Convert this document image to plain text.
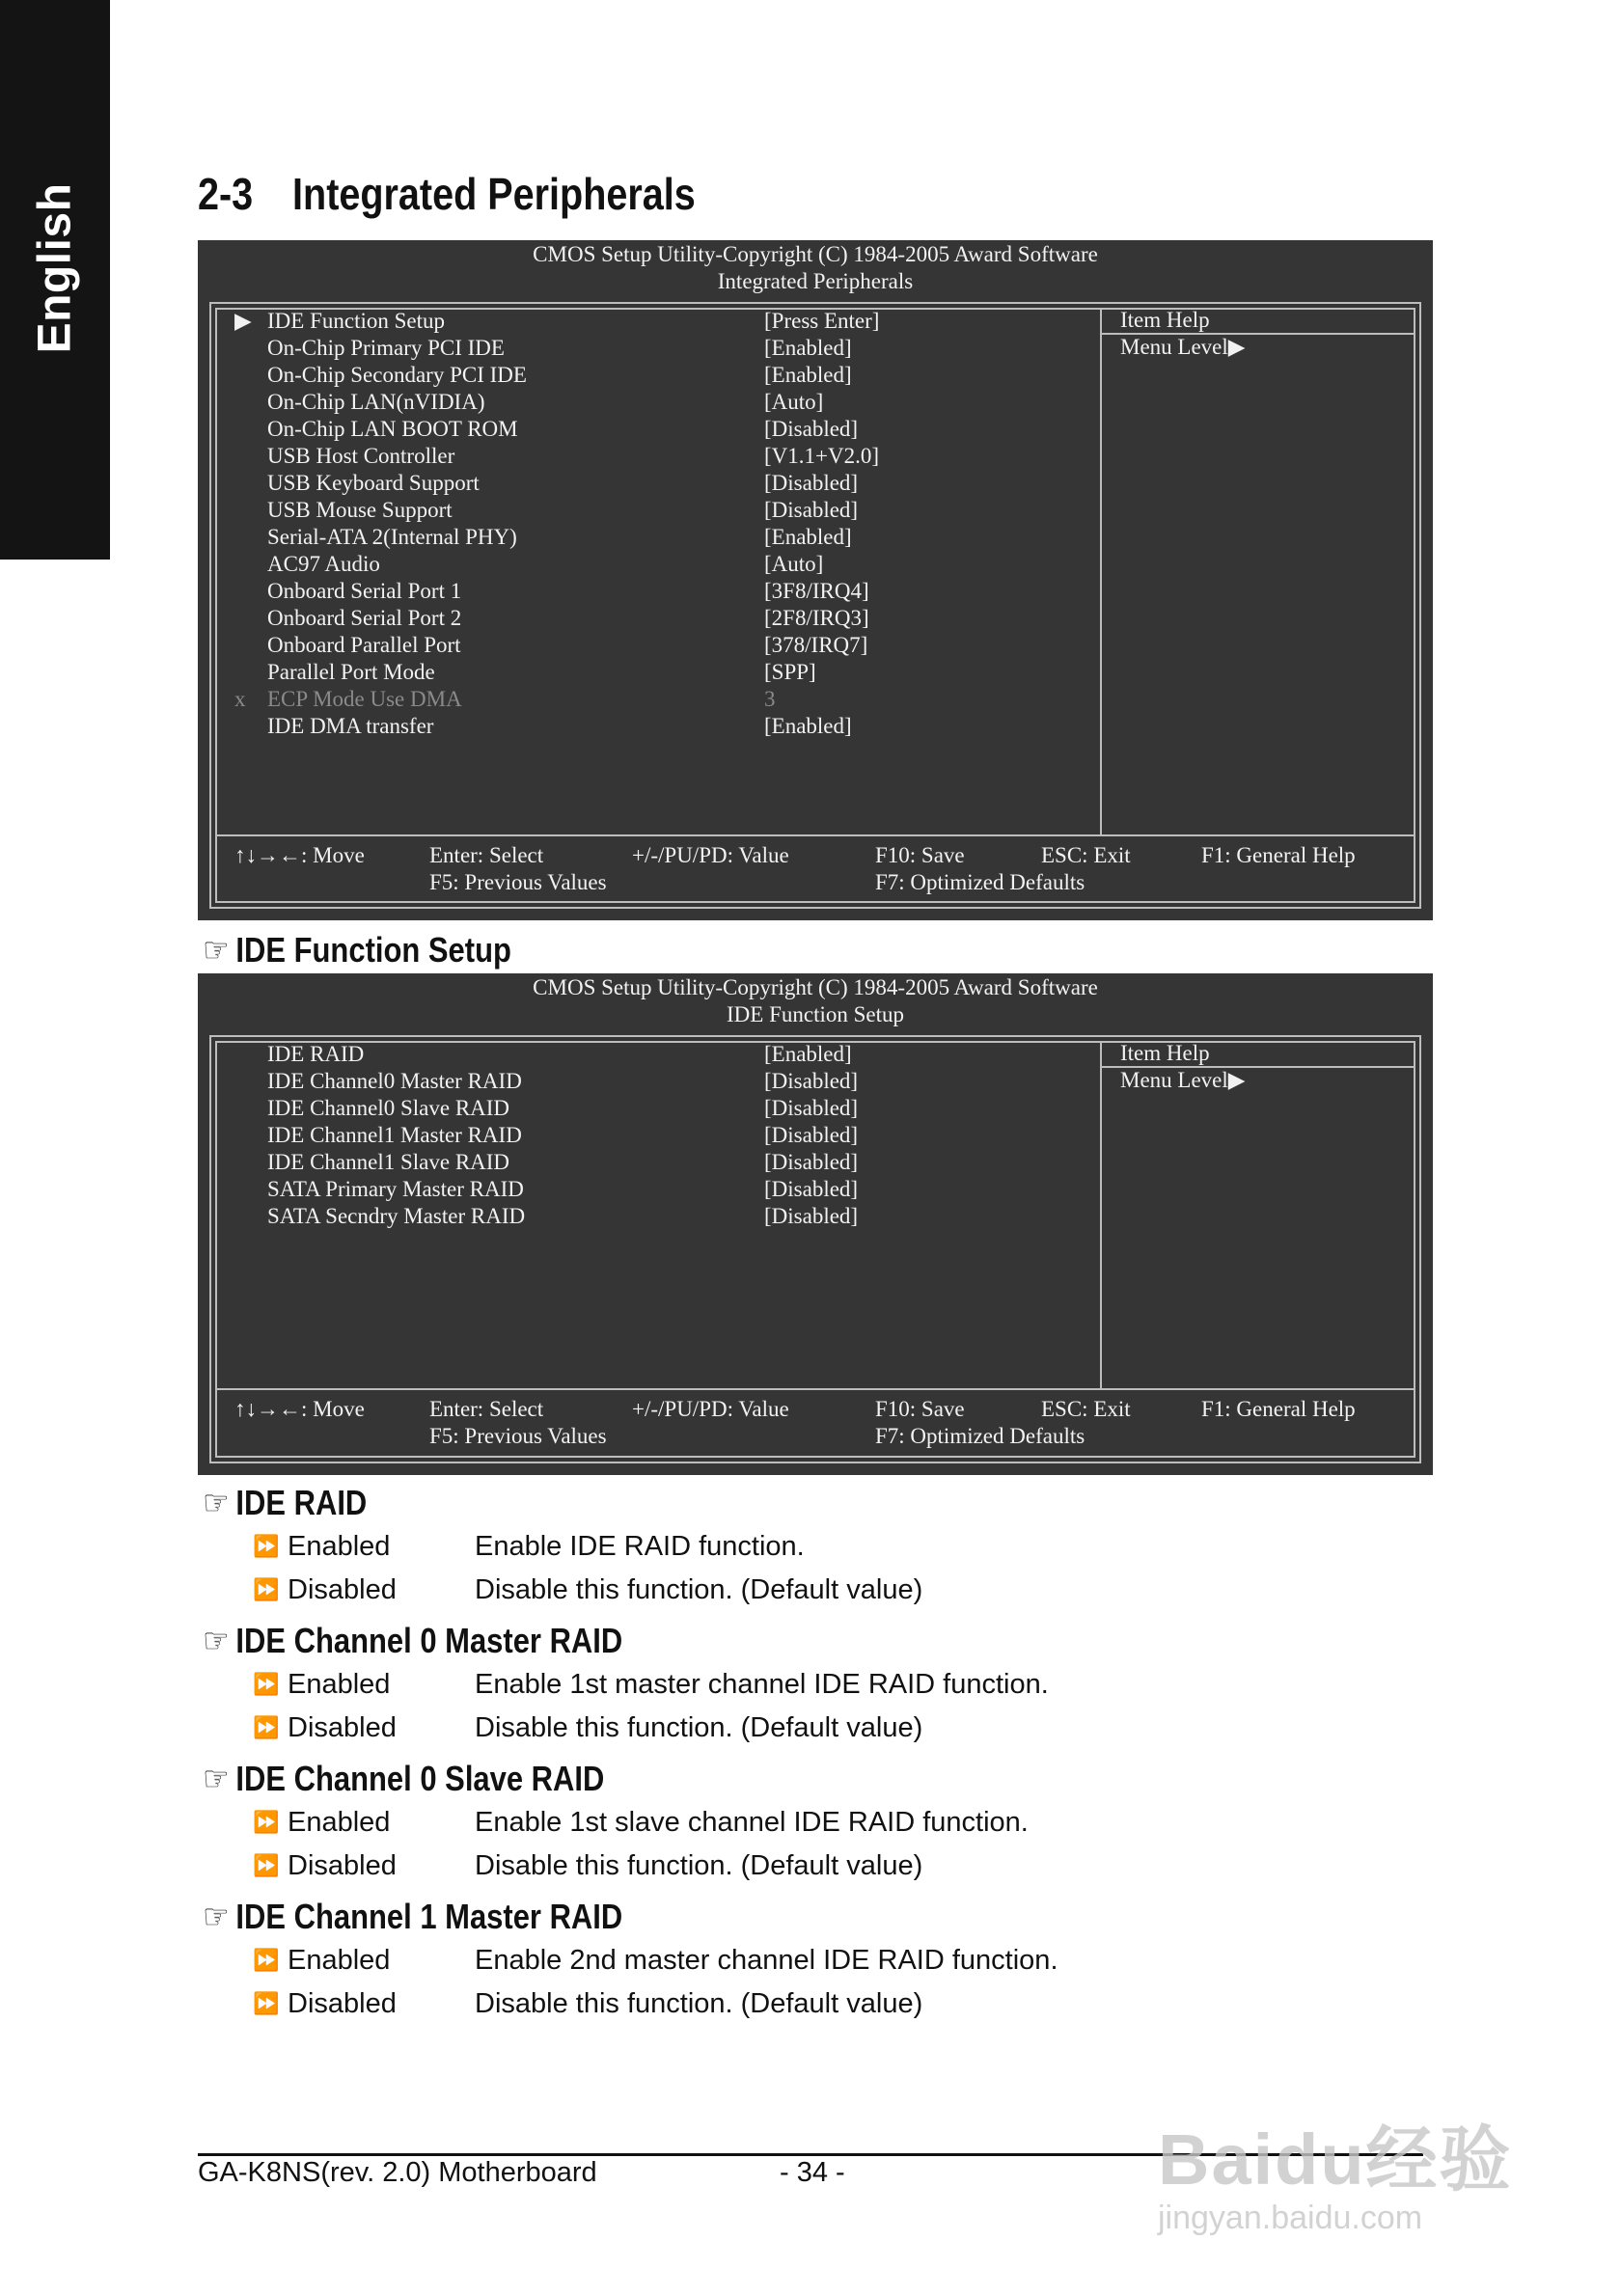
English	2-3 Integrated Peripherals
CMOS Setup Utility-Copyright (C) 1984-2005 Award Software
Integrated Peripherals
Item Help
Menu Level▶
▶ IDE Function Setup	[Press Enter]
On-Chip Primary PCI IDE	[Enabled]
On-Chip Secondary PCI IDE	[Enabled]
On-Chip LAN(nVIDIA)	[Auto]
On-Chip LAN BOOT ROM	[Disabled]
USB Host Controller	[V1.1+V2.0]
USB Keyboard Support	[Disabled]
USB Mouse Support	[Disabled]
Serial-ATA 2(Internal PHY)	[Enabled]
AC97 Audio	[Auto]
Onboard Serial Port 1	[3F8/IRQ4]
Onboard Serial Port 2	[2F8/IRQ3]
Onboard Parallel Port	[378/IRQ7]
Parallel Port Mode	[SPP]
x ECP Mode Use DMA	3
IDE DMA transfer	[Enabled]
↑↓→←: Move	Enter: Select	+/-/PU/PD: Value	F10: Save	ESC: Exit	F1: General Help
F5: Previous Values	F7: Optimized Defaults
☞ IDE Function Setup
CMOS Setup Utility-Copyright (C) 1984-2005 Award Software
IDE Function Setup
Item Help
Menu Level▶
IDE RAID	[Enabled]
IDE Channel0 Master RAID	[Disabled]
IDE Channel0 Slave RAID	[Disabled]
IDE Channel1 Master RAID	[Disabled]
IDE Channel1 Slave RAID	[Disabled]
SATA Primary Master RAID	[Disabled]
SATA Secndry Master RAID	[Disabled]
↑↓→←: Move	Enter: Select	+/-/PU/PD: Value	F10: Save	ESC: Exit	F1: General Help
F5: Previous Values	F7: Optimized Defaults
☞ IDE RAID
⏩ Enabled	Enable IDE RAID function.
⏩ Disabled	Disable this function. (Default value)
☞ IDE Channel 0 Master RAID
⏩ Enabled	Enable 1st master channel IDE RAID function.
⏩ Disabled	Disable this function. (Default value)
☞ IDE Channel 0 Slave RAID
⏩ Enabled	Enable 1st slave channel IDE RAID function.
⏩ Disabled	Disable this function. (Default value)
☞ IDE Channel 1 Master RAID
⏩ Enabled	Enable 2nd master channel IDE RAID function.
⏩ Disabled	Disable this function. (Default value)
GA-K8NS(rev. 2.0) Motherboard	- 34 -	Baidu经验
jingyan.baidu.com
